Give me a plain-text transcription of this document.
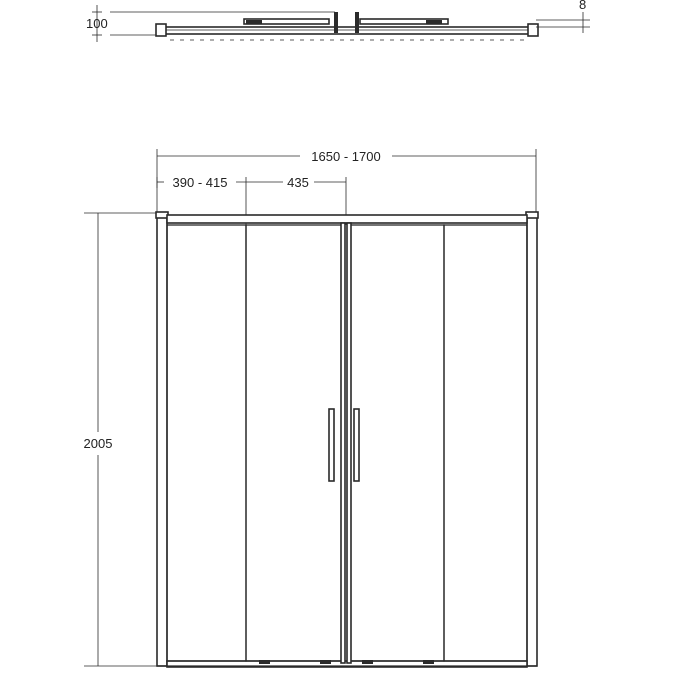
100
8
1650 - 1700
390 - 415	435
2005
